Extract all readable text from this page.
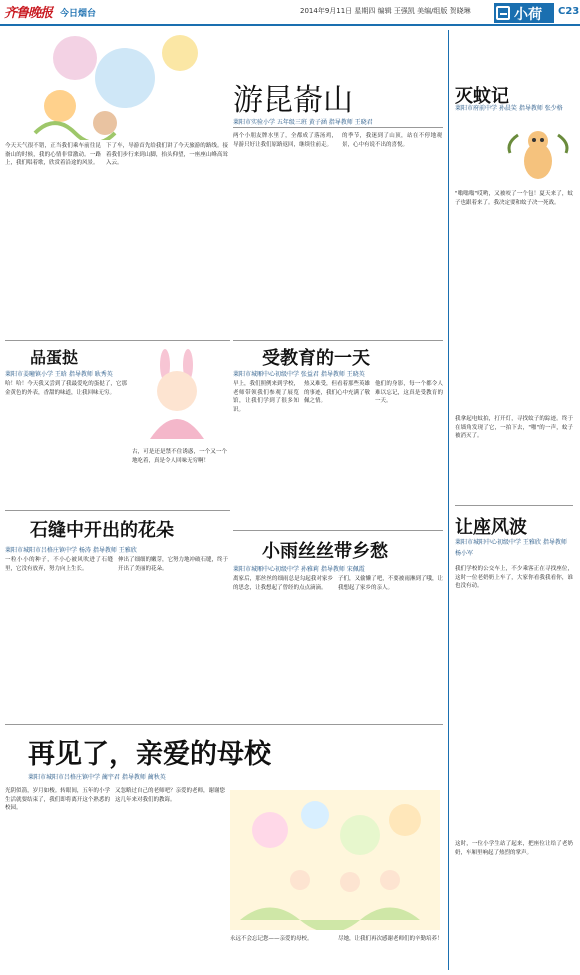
齐鲁晚报 今日烟台	2014年9月11日 星期四 编辑 王强凯 美编/组版 贺晓琳	小荷 C23
游昆嵛山
莱阳市实验小学 五年级三班 黄子涵 指导教师 王晓君
今天天气很不错，正当我们乘车前往昆嵛山的时候，我的心情非常激动。一路上，我们唱着歌，欣赏着沿途的风景。
下了车，导游首先给我们讲了今天旅游的路线。接着我们步行来到山脚，抬头仰望，一座座山峰高耸入云。
两个小朋友牌水里了，全都成了落汤鸡，导游只好让我们原路返回，继续往前走。
的季节，我迷到了山顶，站在不停地观景，心中有说不出的喜悦。
灭蚊记
莱阳市府前中学 孙晨笑 指导教师 张少格
"嗡嗡嗡"哎哟，又被咬了一个包！夏天来了，蚊子也跟着来了。我决定要和蚊子决一死战。
我拿起电蚊拍，打开灯，寻找蚊子的踪迹。终于在墙角发现了它，一拍下去，"啪"的一声，蚊子被消灭了。
品蛋挞
莱阳市姜疃镇小学 王晗 指导教师 耿秀英
哈！哈！今天我又尝到了我最爱吃的蛋挞了，它那金黄色的外表，香甜的味道，让我回味无穷。
古，可是还是禁不住诱惑，一个又一个地吃着，真是令人回味无穷啊！
受教育的一天
莱阳市城厢中心初级中学 张益君 指导教师 王晓英
早上，我们照例来到学校，老师带领我们参观了展览馆，让我们学到了很多知识。
热又难受，但看着那些英雄的事迹，我们心中充满了敬佩之情。
他们的身影，每一个都令人难以忘记，这真是受教育的一天。
石缝中开出的花朵
莱阳市城阳市吕格庄镇中学 杨涛 指导教师 王雅欣
一粒小小的种子，不小心被风吹进了石缝里，它没有放弃，努力向上生长。
伸出了细细的嫩芽，它努力地冲破石缝，终于开出了美丽的花朵。
小雨丝丝带乡愁
莱阳市城厢中心初级中学 孙雅莉 指导教师 宋佩霞
离家后，那丝丝的细雨总是勾起我对家乡的思念，让我想起了曾经的点点滴滴。
子们，又偷懒了吧，不要被雨淋到了哦，让我想起了家乡的亲人。
让座风波
莱阳市城阳中心初级中学 王雅欣 指导教师 杨小军
我们学校的公交车上，不少乘客正在寻找座位，这时一位老奶奶上车了，大家你看我我看你，谁也没有动。
这时，一位小学生站了起来，把座位让给了老奶奶，车厢里响起了热烈的掌声。
再见了，亲爱的母校
莱阳市城阳市吕格庄镇中学 蔺宇君 指导教师 蔺秋英
光阴似箭，岁月如梭。转眼间，五年的小学生活就要结束了，我们即将离开这个熟悉的校园。
又忽略过自己的老师吧？亲爱的老师，谢谢您这几年来对我们的教诲。
永远不会忘记您——亲爱的母校。	尽她，让我们再次感谢老师们的辛勤培养！
